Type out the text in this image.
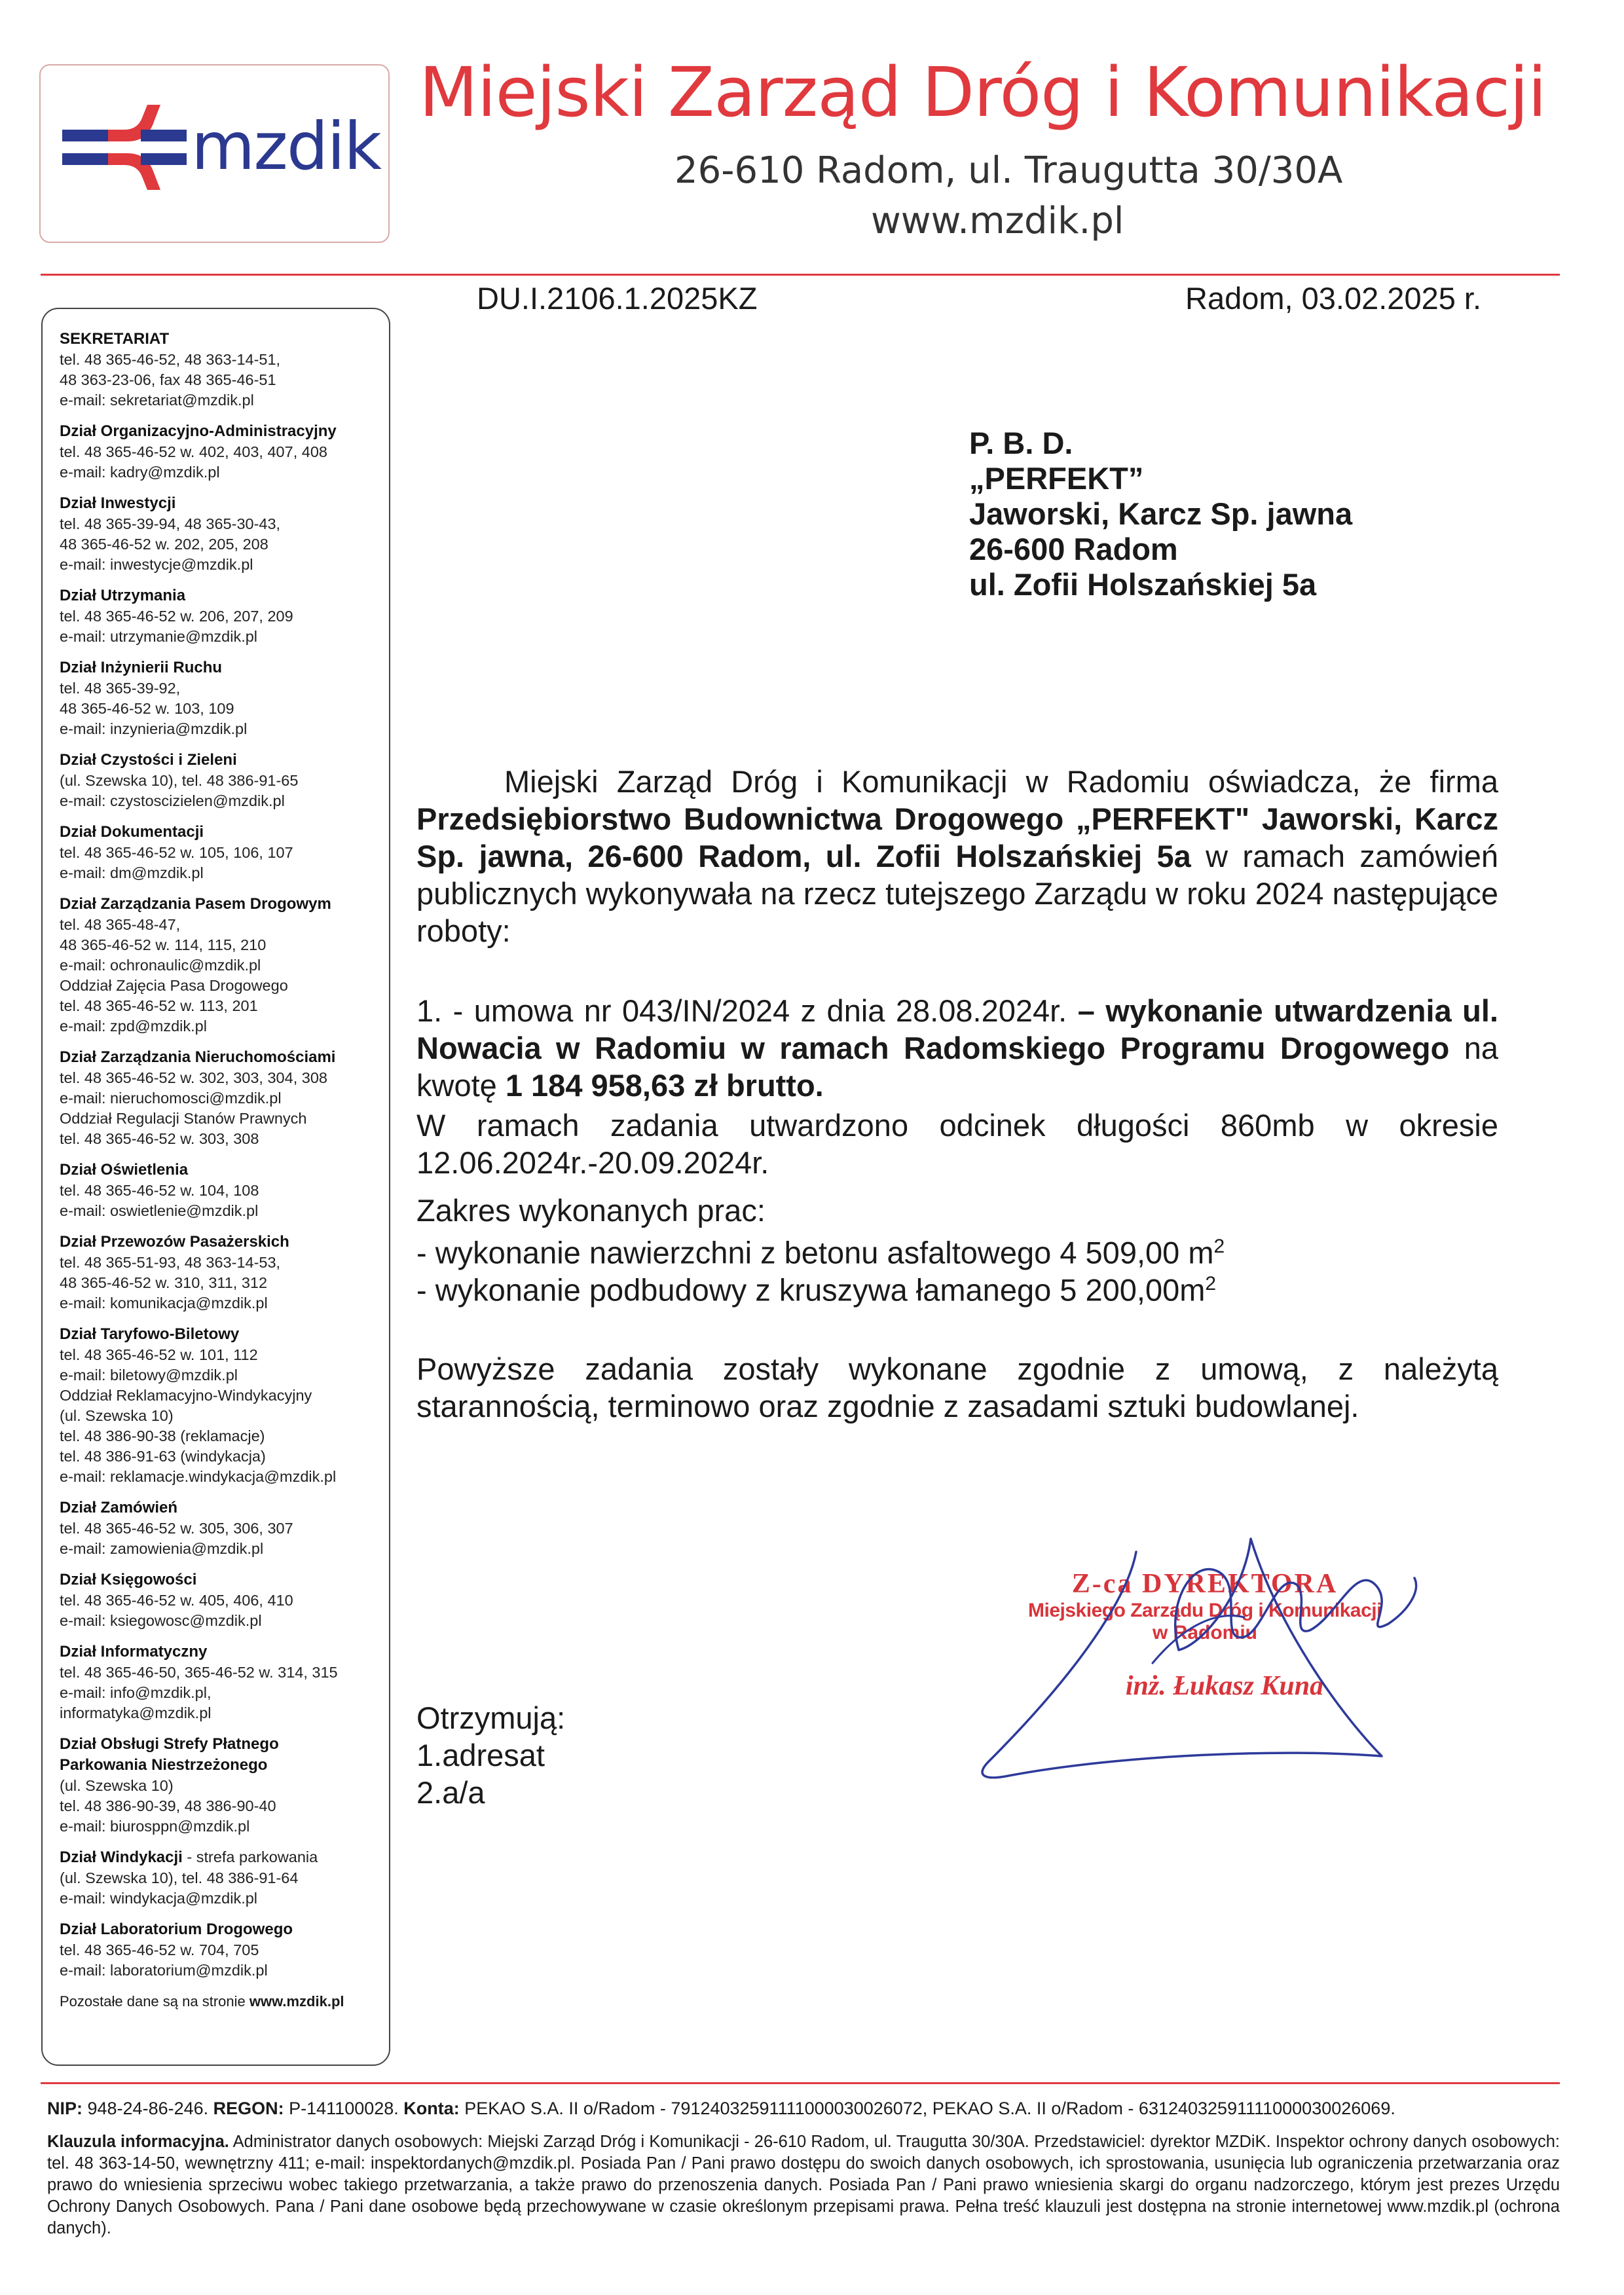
mzdik
Miejski Zarząd Dróg i Komunikacji
26-610 Radom, ul. Traugutta 30/30A
www.mzdik.pl
DU.I.2106.1.2025KZ	Radom, 03.02.2025 r.
SEKRETARIAT
tel. 48 365-46-52, 48 363-14-51,
48 363-23-06, fax 48 365-46-51
e-mail: sekretariat@mzdik.pl
Dział Organizacyjno-Administracyjny
tel. 48 365-46-52 w. 402, 403, 407, 408
e-mail: kadry@mzdik.pl
Dział Inwestycji
tel. 48 365-39-94, 48 365-30-43,
48 365-46-52 w. 202, 205, 208
e-mail: inwestycje@mzdik.pl
Dział Utrzymania
tel. 48 365-46-52 w. 206, 207, 209
e-mail: utrzymanie@mzdik.pl
Dział Inżynierii Ruchu
tel. 48 365-39-92,
48 365-46-52 w. 103, 109
e-mail: inzynieria@mzdik.pl
Dział Czystości i Zieleni
(ul. Szewska 10), tel. 48 386-91-65
e-mail: czystoscizielen@mzdik.pl
Dział Dokumentacji
tel. 48 365-46-52 w. 105, 106, 107
e-mail: dm@mzdik.pl
Dział Zarządzania Pasem Drogowym
tel. 48 365-48-47,
48 365-46-52 w. 114, 115, 210
e-mail: ochronaulic@mzdik.pl
Oddział Zajęcia Pasa Drogowego
tel. 48 365-46-52 w. 113, 201
e-mail: zpd@mzdik.pl
Dział Zarządzania Nieruchomościami
tel. 48 365-46-52 w. 302, 303, 304, 308
e-mail: nieruchomosci@mzdik.pl
Oddział Regulacji Stanów Prawnych
tel. 48 365-46-52 w. 303, 308
Dział Oświetlenia
tel. 48 365-46-52 w. 104, 108
e-mail: oswietlenie@mzdik.pl
Dział Przewozów Pasażerskich
tel. 48 365-51-93, 48 363-14-53,
48 365-46-52 w. 310, 311, 312
e-mail: komunikacja@mzdik.pl
Dział Taryfowo-Biletowy
tel. 48 365-46-52 w. 101, 112
e-mail: biletowy@mzdik.pl
Oddział Reklamacyjno-Windykacyjny
(ul. Szewska 10)
tel. 48 386-90-38 (reklamacje)
tel. 48 386-91-63 (windykacja)
e-mail: reklamacje.windykacja@mzdik.pl
Dział Zamówień
tel. 48 365-46-52 w. 305, 306, 307
e-mail: zamowienia@mzdik.pl
Dział Księgowości
tel. 48 365-46-52 w. 405, 406, 410
e-mail: ksiegowosc@mzdik.pl
Dział Informatyczny
tel. 48 365-46-50, 365-46-52 w. 314, 315
e-mail: info@mzdik.pl,
informatyka@mzdik.pl
Dział Obsługi Strefy Płatnego
Parkowania Niestrzeżonego
(ul. Szewska 10)
tel. 48 386-90-39, 48 386-90-40
e-mail: biurosppn@mzdik.pl
Dział Windykacji - strefa parkowania
(ul. Szewska 10), tel. 48 386-91-64
e-mail: windykacja@mzdik.pl
Dział Laboratorium Drogowego
tel. 48 365-46-52 w. 704, 705
e-mail: laboratorium@mzdik.pl
Pozostałe dane są na stronie www.mzdik.pl
P. B. D.
„PERFEKT”
Jaworski, Karcz Sp. jawna
26-600 Radom
ul. Zofii Holszańskiej 5a
Miejski Zarząd Dróg i Komunikacji w Radomiu oświadcza, że firma Przedsiębiorstwo Budownictwa Drogowego „PERFEKT" Jaworski, Karcz Sp. jawna, 26-600 Radom, ul. Zofii Holszańskiej 5a w ramach zamówień publicznych wykonywała na rzecz tutejszego Zarządu w roku 2024 następujące roboty:
1. - umowa nr 043/IN/2024 z dnia 28.08.2024r. – wykonanie utwardzenia ul. Nowacia w Radomiu w ramach Radomskiego Programu Drogowego na kwotę 1 184 958,63 zł brutto.
W ramach zadania utwardzono odcinek długości 860mb w okresie 12.06.2024r.-20.09.2024r.
Zakres wykonanych prac:
- wykonanie nawierzchni z betonu asfaltowego 4 509,00 $m^2$
- wykonanie podbudowy z kruszywa łamanego 5 $200,00m^2$
Powyższe zadania zostały wykonane zgodnie z umową, z należytą starannością, terminowo oraz zgodnie z zasadami sztuki budowlanej.
Z-ca DYREKTORA
Miejskiego Zarządu Dróg i Komunikacji
w Radomiu
inż. Łukasz Kuna
Otrzymują:
1.adresat
2.a/a
NIP: 948-24-86-246. REGON: P-141100028. Konta: PEKAO S.A. II o/Radom - 79124032591111000030026072, PEKAO S.A. II o/Radom - 63124032591111000030026069.
Klauzula informacyjna. Administrator danych osobowych: Miejski Zarząd Dróg i Komunikacji - 26-610 Radom, ul. Traugutta 30/30A. Przedstawiciel: dyrektor MZDiK. Inspektor ochrony danych osobowych: tel. 48 363-14-50, wewnętrzny 411; e-mail: inspektordanych@mzdik.pl. Posiada Pan / Pani prawo dostępu do swoich danych osobowych, ich sprostowania, usunięcia lub ograniczenia przetwarzania oraz prawo do wniesienia sprzeciwu wobec takiego przetwarzania, a także prawo do przenoszenia danych. Posiada Pan / Pani prawo wniesienia skargi do organu nadzorczego, którym jest prezes Urzędu Ochrony Danych Osobowych. Pana / Pani dane osobowe będą przechowywane w czasie określonym przepisami prawa. Pełna treść klauzuli jest dostępna na stronie internetowej www.mzdik.pl (ochrona danych).
